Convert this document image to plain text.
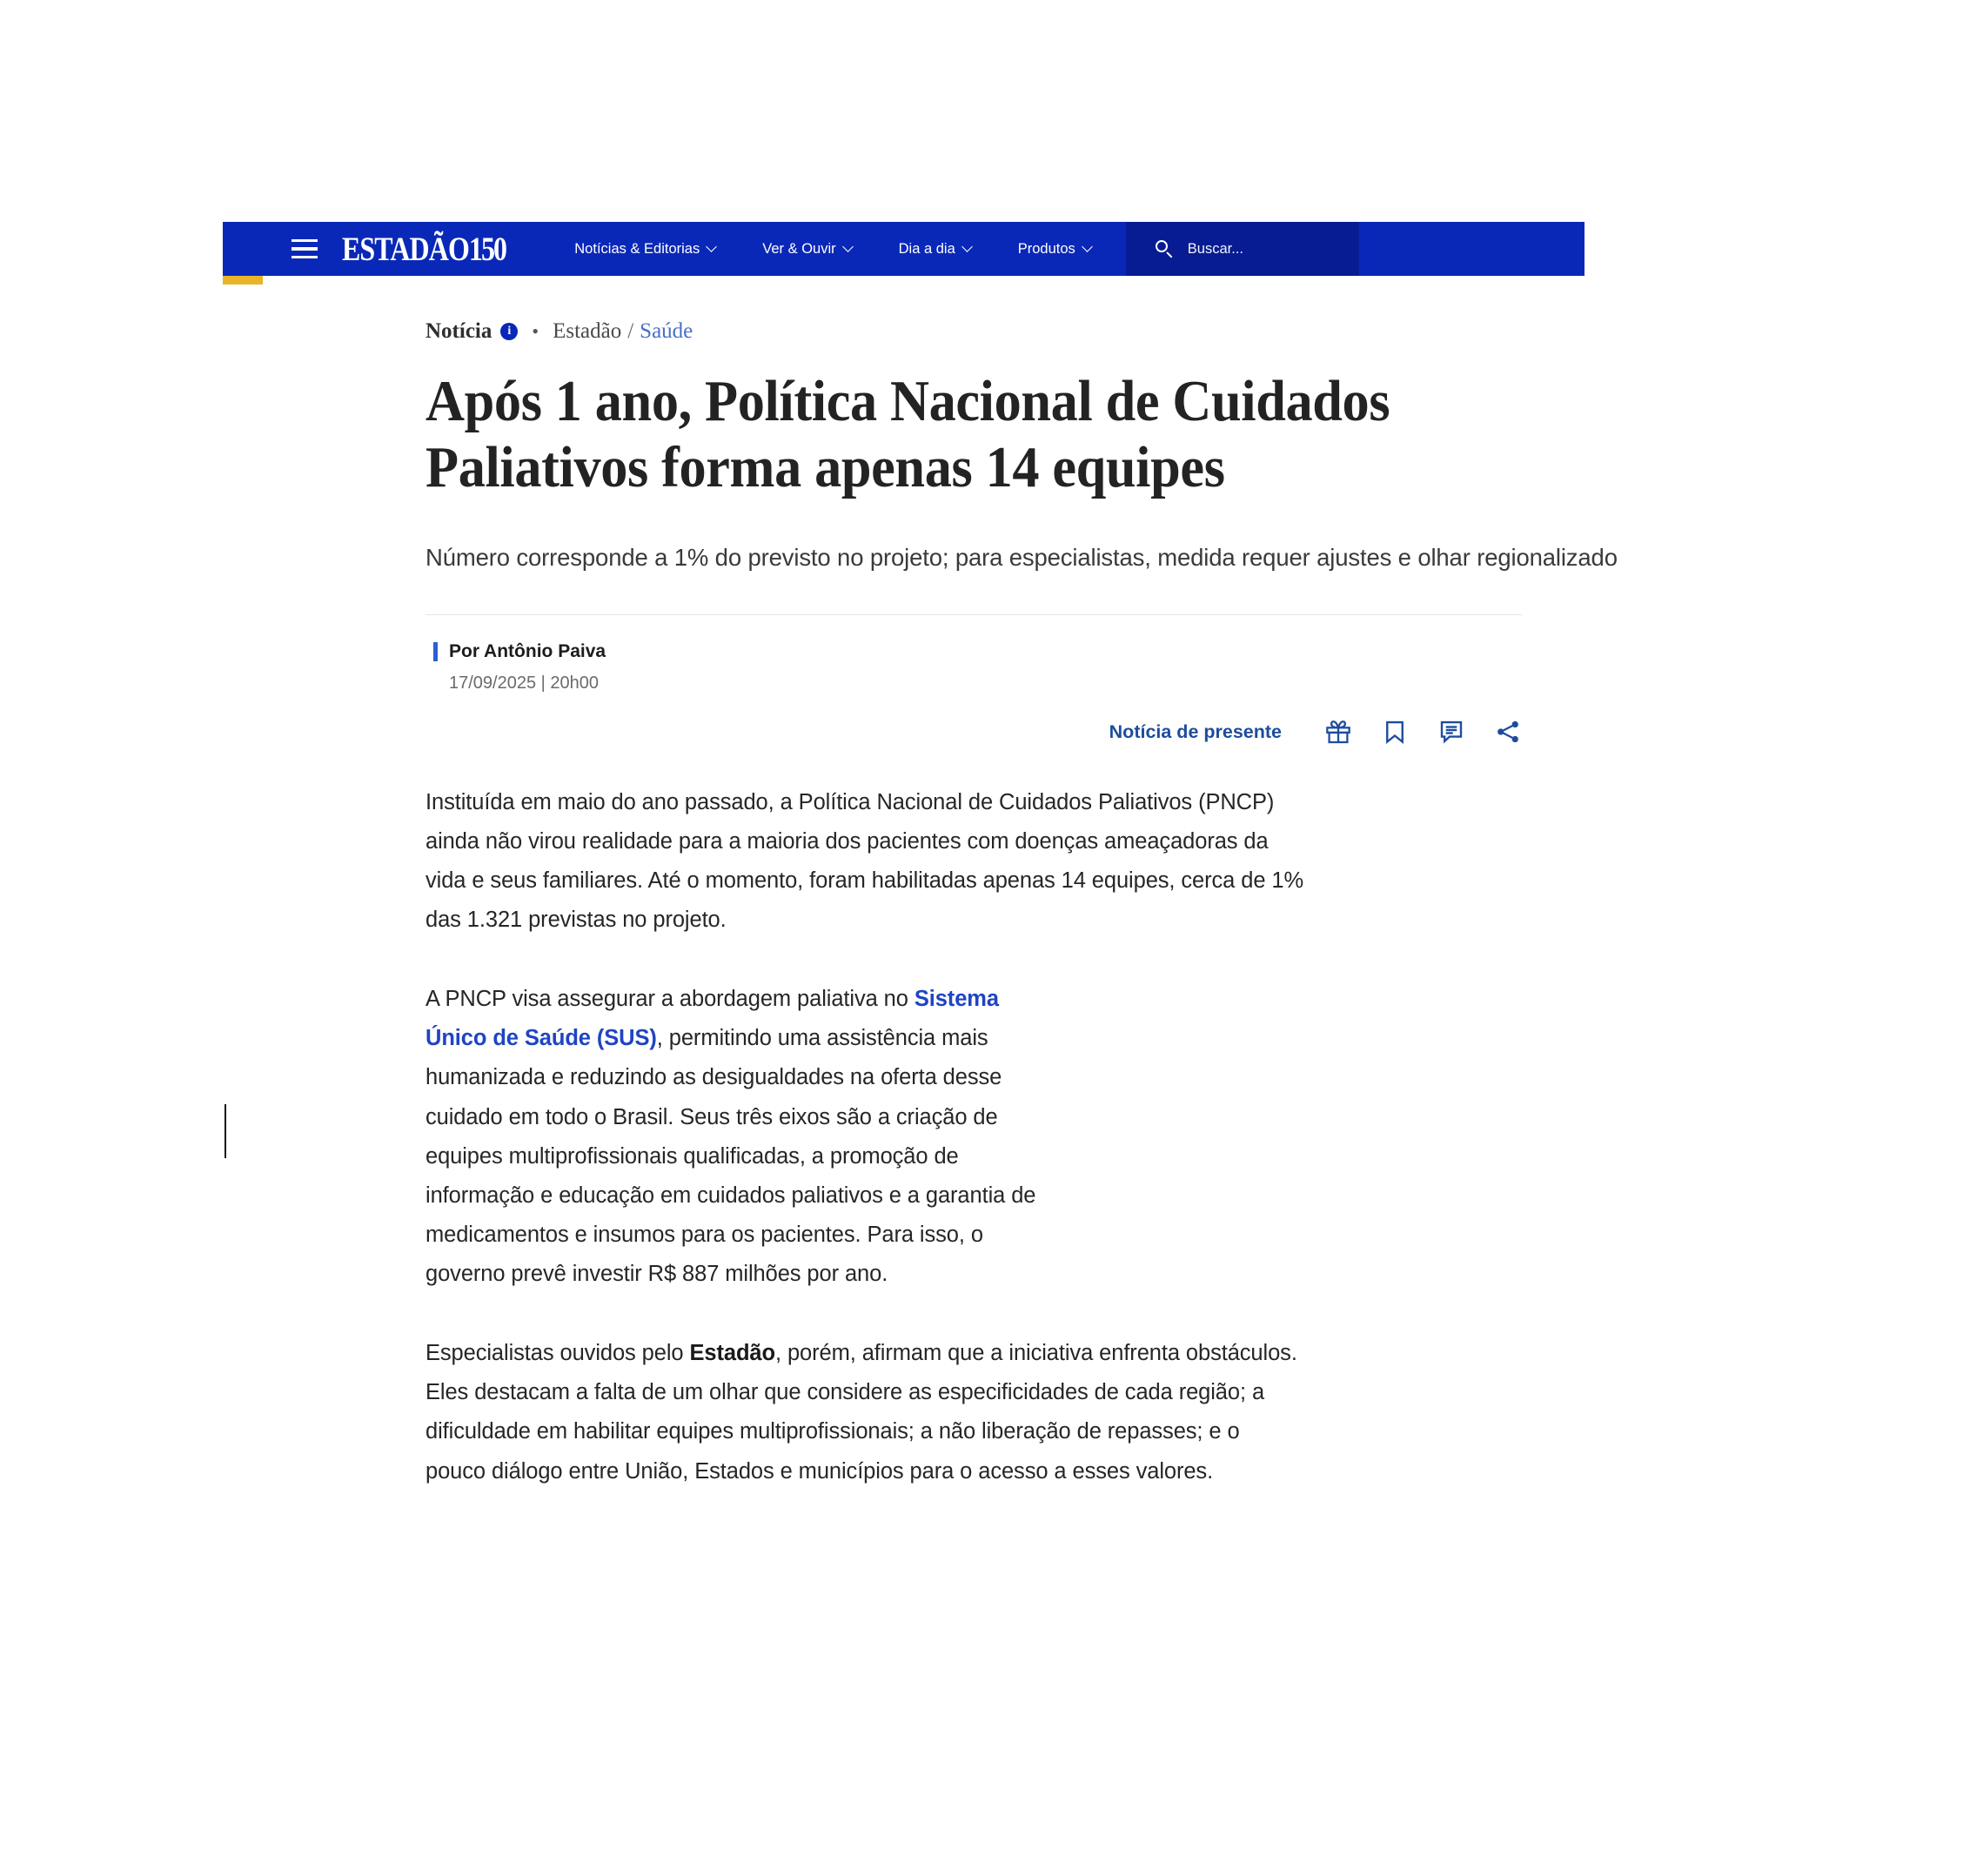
ESTADÃO150	Notícias & Editorias	Ver & Ouvir	Dia a dia	Produtos	Buscar...
Notícia	i	• Estadão / Saúde
Após 1 ano, Política Nacional de Cuidados Paliativos forma apenas 14 equipes

Número corresponde a 1% do previsto no projeto; para especialistas, medida requer ajustes e olhar regionalizado

Por Antônio Paiva
17/09/2025 | 20h00
Notícia de presente

Instituída em maio do ano passado, a Política Nacional de Cuidados Paliativos (PNCP) ainda não virou realidade para a maioria dos pacientes com doenças ameaçadoras da vida e seus familiares. Até o momento, foram habilitadas apenas 14 equipes, cerca de 1% das 1.321 previstas no projeto.

A PNCP visa assegurar a abordagem paliativa no Sistema Único de Saúde (SUS), permitindo uma assistência mais humanizada e reduzindo as desigualdades na oferta desse cuidado em todo o Brasil. Seus três eixos são a criação de equipes multiprofissionais qualificadas, a promoção de informação e educação em cuidados paliativos e a garantia de medicamentos e insumos para os pacientes. Para isso, o governo prevê investir R$ 887 milhões por ano.

Especialistas ouvidos pelo Estadão, porém, afirmam que a iniciativa enfrenta obstáculos. Eles destacam a falta de um olhar que considere as especificidades de cada região; a dificuldade em habilitar equipes multiprofissionais; a não liberação de repasses; e o pouco diálogo entre União, Estados e municípios para o acesso a esses valores.
